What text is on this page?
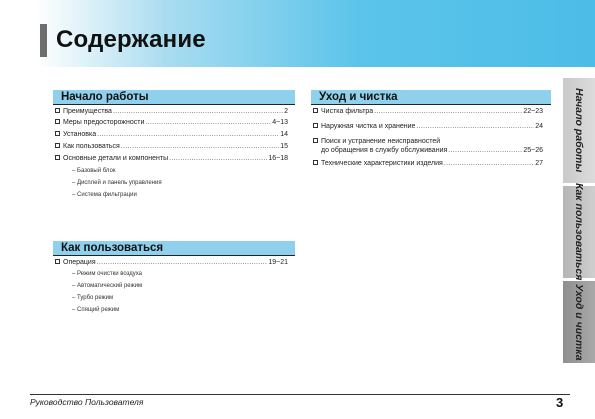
Содержание
Начало работы
Преимущества .....	2
Меры предосторожности .....	4~13
Установка .....	14
Как пользоваться .....	15
Основные детали и компоненты .....	16~18
– Базовый блок
– Дисплей и панель управления
– Система фильтрации
Как пользоваться
Операция .....	19~21
– Режим очистки воздуха
– Автоматический режим
– Турбо режим
– Спящий режим
Уход и чистка
Чистка фильтра .....	22~23
Наружная чистка и хранение .....	24
Поиск и устранение неисправностей
до обращения в службу обслуживания .....	25~26
Технические характеристики изделия .....	27	Начало работы
Как пользоваться
Уход и чистка
Руководство Пользователя	3
